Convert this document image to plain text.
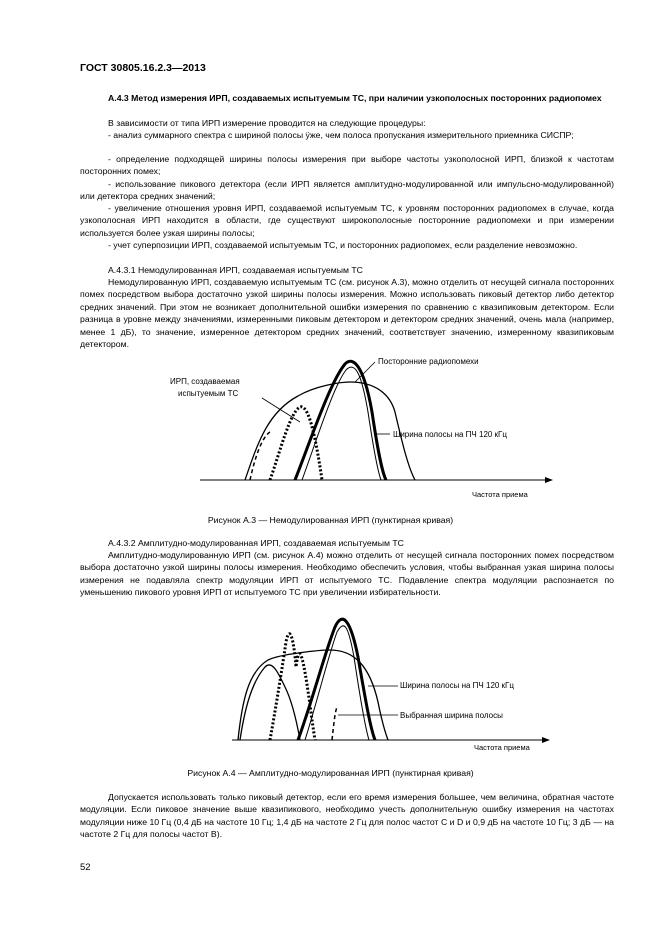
ГОСТ 30805.16.2.3—2013
А.4.3 Метод измерения ИРП, создаваемых испытуемым ТС, при наличии узкополосных посторонних радиопомех
В зависимости от типа ИРП измерение проводится на следующие процедуры:
- анализ суммарного спектра с шириной полосы ÿже, чем полоса пропускания измерительного приемника СИСПР;
- определение подходящей ширины полосы измерения при выборе частоты узкополосной ИРП, близкой к частотам посторонних помех;
- использование пикового детектора (если ИРП является амплитудно-модулированной или импульсно-модулированной) или детектора средних значений;
- увеличение отношения уровня ИРП, создаваемой испытуемым ТС, к уровням посторонних радиопомех в случае, когда узкополосная ИРП находится в области, где существуют широкополосные посторонние радиопомехи и при измерении используется более узкая ширины полосы;
- учет суперпозиции ИРП, создаваемой испытуемым ТС, и посторонних радиопомех, если разделение невозможно.
А.4.3.1 Немодулированная ИРП, создаваемая испытуемым ТС
Немодулированную ИРП, создаваемую испытуемым ТС (см. рисунок А.3), можно отделить от несущей сигнала посторонних помех посредством выбора достаточно узкой ширины полосы измерения. Можно использовать пиковый детектор либо детектор средних значений. При этом не возникает дополнительной ошибки измерения по сравнению с квазипиковым детектором. Если разница в уровне между значениями, измеренными пиковым детектором и детектором средних значений, очень мала (например, менее 1 дБ), то значение, измеренное детектором средних значений, соответствует значению, измеренному квазипиковым детектором.
ИРП, создаваемая
испытуемым ТС
Посторонние радиопомехи
Ширина полосы на ПЧ 120 кГц
Частота приема
Рисунок А.3 — Немодулированная ИРП (пунктирная кривая)
А.4.3.2 Амплитудно-модулированная ИРП, создаваемая испытуемым ТС
Амплитудно-модулированную ИРП (см. рисунок А.4) можно отделить от несущей сигнала посторонних помех посредством выбора достаточно узкой ширины полосы измерения. Необходимо обеспечить условия, чтобы выбранная узкая ширина полосы измерения не подавляла спектр модуляции ИРП от испытуемого ТС. Подавление спектра модуляции распознается по уменьшению пикового уровня ИРП от испытуемого ТС при увеличении избирательности.
Ширина полосы на ПЧ 120 кГц
Выбранная ширина полосы
Частота приема
Рисунок А.4 — Амплитудно-модулированная ИРП (пунктирная кривая)
Допускается использовать только пиковый детектор, если его время измерения большее, чем величина, обратная частоте модуляции. Если пиковое значение выше квазипикового, необходимо учесть дополнительную ошибку измерения на частотах модуляции ниже 10 Гц (0,4 дБ на частоте 10 Гц; 1,4 дБ на частоте 2 Гц для полос частот С и D и 0,9 дБ на частоте 10 Гц; 3 дБ — на частоте 2 Гц для полосы частот В).
52
